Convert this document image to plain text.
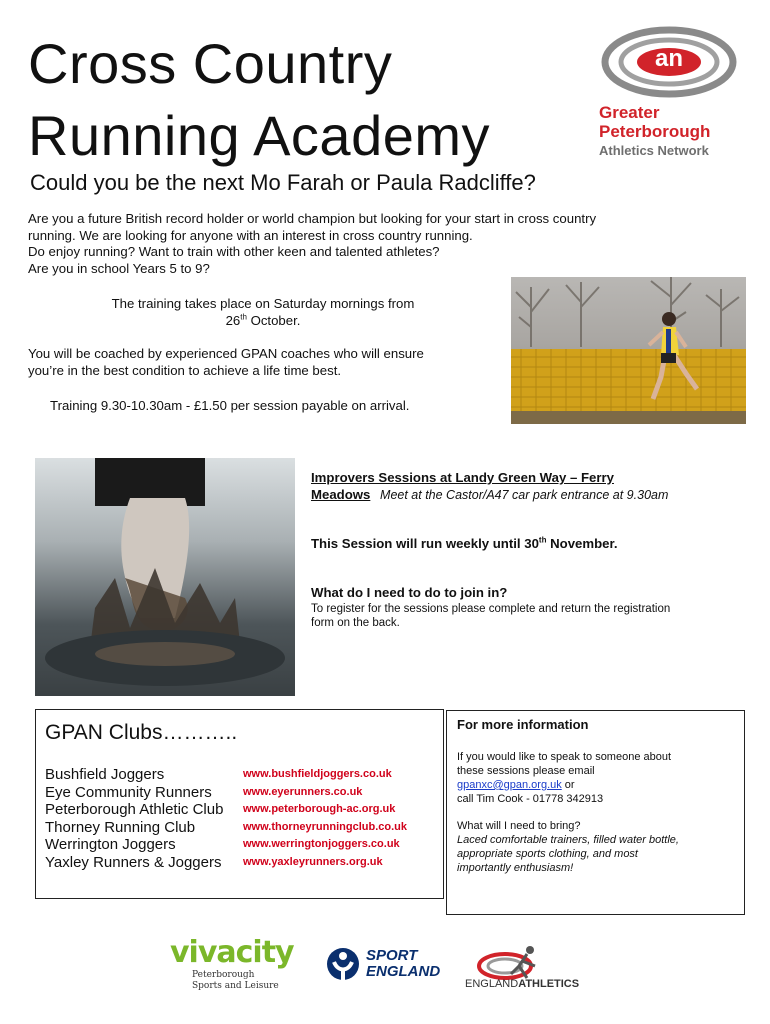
Cross Country
Running Academy
Could you be the next Mo Farah or Paula Radcliffe?
an
Greater
Peterborough
Athletics Network
Are you a future British record holder or world champion but looking for your start in cross country
running. We are looking for anyone with an interest in cross country running.
Do enjoy running? Want to train with other keen and talented athletes?
Are you in school Years 5 to 9?
The training takes place on Saturday mornings from
26th October.
You will be coached by experienced GPAN coaches who will ensure
you’re in the best condition to achieve a life time best.
Training 9.30-10.30am - £1.50 per session payable on arrival.
Improvers Sessions at Landy Green Way – Ferry
Meadows Meet at the Castor/A47 car park entrance at 9.30am
This Session will run weekly until 30th November.
What do I need to do to join in?
To register for the sessions please complete and return the registration
form on the back.
GPAN Clubs………..
Bushfield Joggers	www.bushfieldjoggers.co.uk
Eye Community Runners	www.eyerunners.co.uk
Peterborough Athletic Club www.peterborough-ac.org.uk
Thorney Running Club	www.thorneyrunningclub.co.uk
Werrington Joggers	www.werringtonjoggers.co.uk
Yaxley Runners & Joggers www.yaxleyrunners.org.uk
For more information
If you would like to speak to someone about
these sessions please email
gpanxc@gpan.org.uk or
call Tim Cook - 01778 342913
What will I need to bring?
Laced comfortable trainers, filled water bottle,
appropriate sports clothing, and most
importantly enthusiasm!
vivacity
Peterborough
Sports and Leisure
SPORT
ENGLAND
ENGLANDATHLETICS
